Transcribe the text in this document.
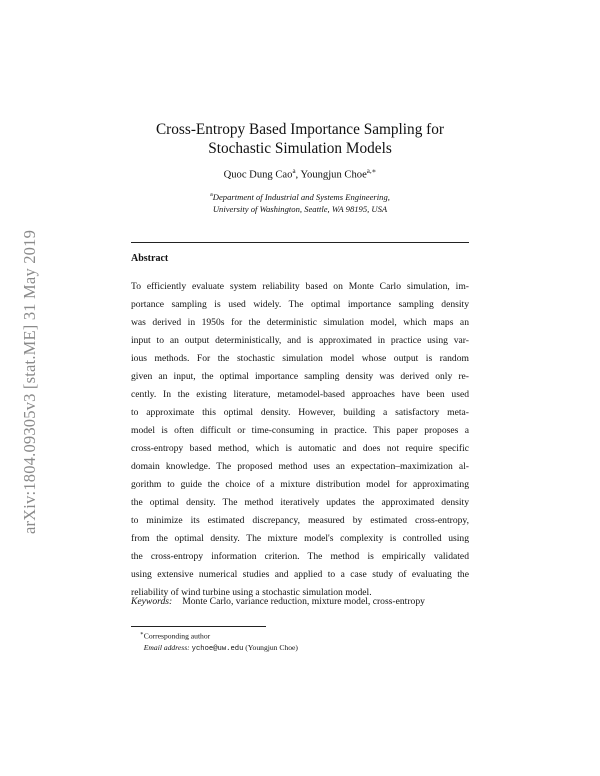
arXiv:1804.09305v3 [stat.ME] 31 May 2019
Cross-Entropy Based Importance Sampling for
Stochastic Simulation Models
Quoc Dung Cao$^a$, Youngjun Choe$^{a,∗}$
$^a$Department of Industrial and Systems Engineering,
University of Washington, Seattle, WA 98195, USA
Abstract
To efficiently evaluate system reliability based on Monte Carlo simulation, im-
portance sampling is used widely. The optimal importance sampling density
was derived in 1950s for the deterministic simulation model, which maps an
input to an output deterministically, and is approximated in practice using var-
ious methods. For the stochastic simulation model whose output is random
given an input, the optimal importance sampling density was derived only re-
cently. In the existing literature, metamodel-based approaches have been used
to approximate this optimal density. However, building a satisfactory meta-
model is often difficult or time-consuming in practice. This paper proposes a
cross-entropy based method, which is automatic and does not require specific
domain knowledge. The proposed method uses an expectation–maximization al-
gorithm to guide the choice of a mixture distribution model for approximating
the optimal density. The method iteratively updates the approximated density
to minimize its estimated discrepancy, measured by estimated cross-entropy,
from the optimal density. The mixture model's complexity is controlled using
the cross-entropy information criterion. The method is empirically validated
using extensive numerical studies and applied to a case study of evaluating the
reliability of wind turbine using a stochastic simulation model.
Keywords: Monte Carlo, variance reduction, mixture model, cross-entropy
∗Corresponding author
Email address: ychoe@uw.edu (Youngjun Choe)
